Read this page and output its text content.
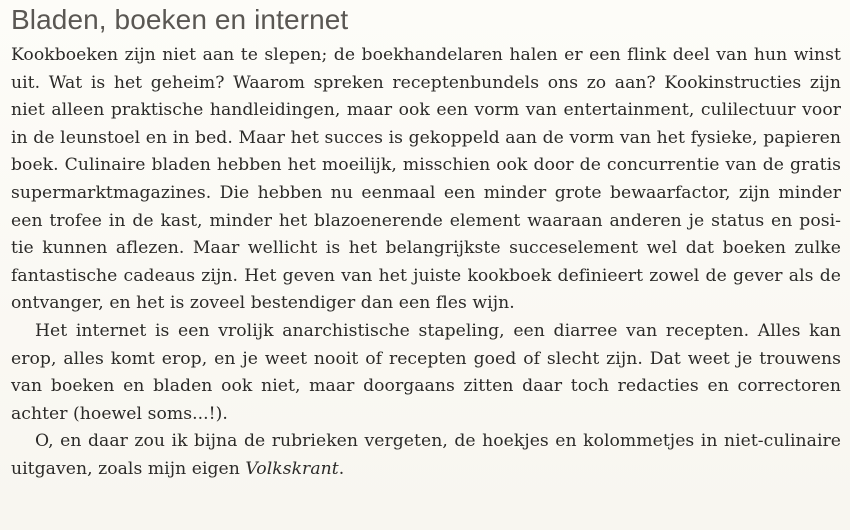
Bladen, boeken en internet
Kookboeken zijn niet aan te slepen; de boekhandelaren halen er een flink deel van hun winst
uit. Wat is het geheim? Waarom spreken receptenbundels ons zo aan? Kookinstructies zijn
niet alleen praktische handleidingen, maar ook een vorm van entertainment, culilectuur voor
in de leunstoel en in bed. Maar het succes is gekoppeld aan de vorm van het fysieke, papieren
boek. Culinaire bladen hebben het moeilijk, misschien ook door de concurrentie van de gratis
supermarktmagazines. Die hebben nu eenmaal een minder grote bewaarfactor, zijn minder
een trofee in de kast, minder het blazoenerende element waaraan anderen je status en posi-
tie kunnen aflezen. Maar wellicht is het belangrijkste succeselement wel dat boeken zulke
fantastische cadeaus zijn. Het geven van het juiste kookboek definieert zowel de gever als de
ontvanger, en het is zoveel bestendiger dan een fles wijn.
Het internet is een vrolijk anarchistische stapeling, een diarree van recepten. Alles kan
erop, alles komt erop, en je weet nooit of recepten goed of slecht zijn. Dat weet je trouwens
van boeken en bladen ook niet, maar doorgaans zitten daar toch redacties en correctoren
achter (hoewel soms...!).
O, en daar zou ik bijna de rubrieken vergeten, de hoekjes en kolommetjes in niet-culinaire
uitgaven, zoals mijn eigen Volkskrant.
